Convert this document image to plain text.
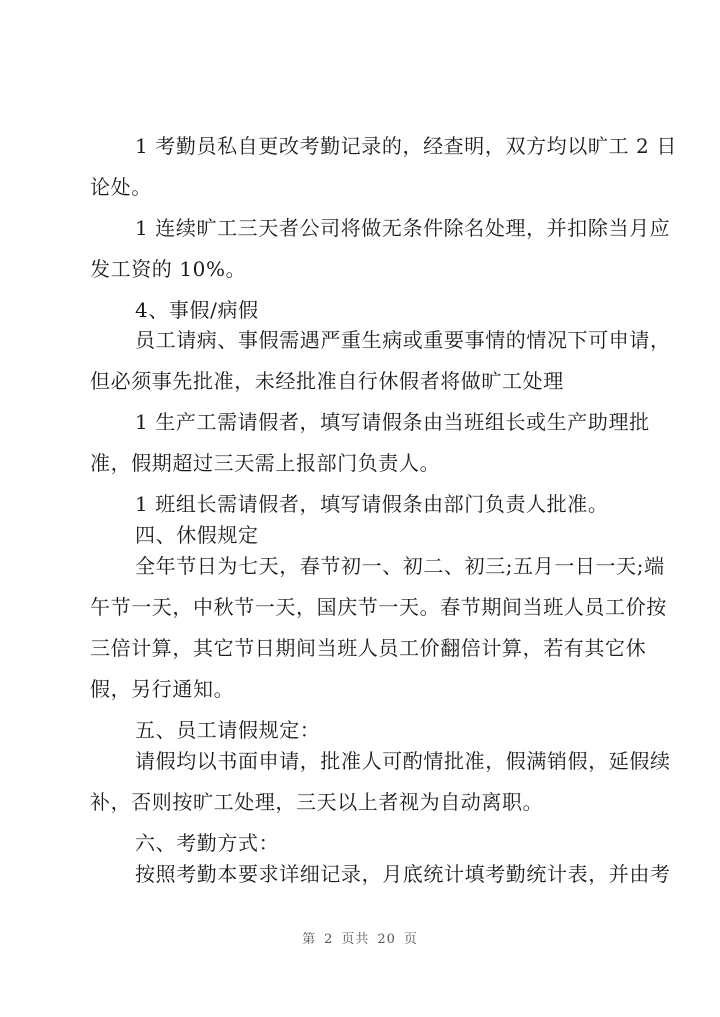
1 考勤员私自更改考勤记录的，经查明，双方均以旷工 2 日
论处。
1 连续旷工三天者公司将做无条件除名处理，并扣除当月应
发工资的 10%。
4、事假/病假
员工请病、事假需遇严重生病或重要事情的情况下可申请，
但必须事先批准，未经批准自行休假者将做旷工处理
1 生产工需请假者，填写请假条由当班组长或生产助理批
准，假期超过三天需上报部门负责人。
1 班组长需请假者，填写请假条由部门负责人批准。
四、休假规定
全年节日为七天，春节初一、初二、初三;五月一日一天;端
午节一天，中秋节一天，国庆节一天。春节期间当班人员工价按
三倍计算，其它节日期间当班人员工价翻倍计算，若有其它休
假，另行通知。
五、员工请假规定：
请假均以书面申请，批准人可酌情批准，假满销假，延假续
补，否则按旷工处理，三天以上者视为自动离职。
六、考勤方式：
按照考勤本要求详细记录，月底统计填考勤统计表，并由考
第 2 页共 20 页
